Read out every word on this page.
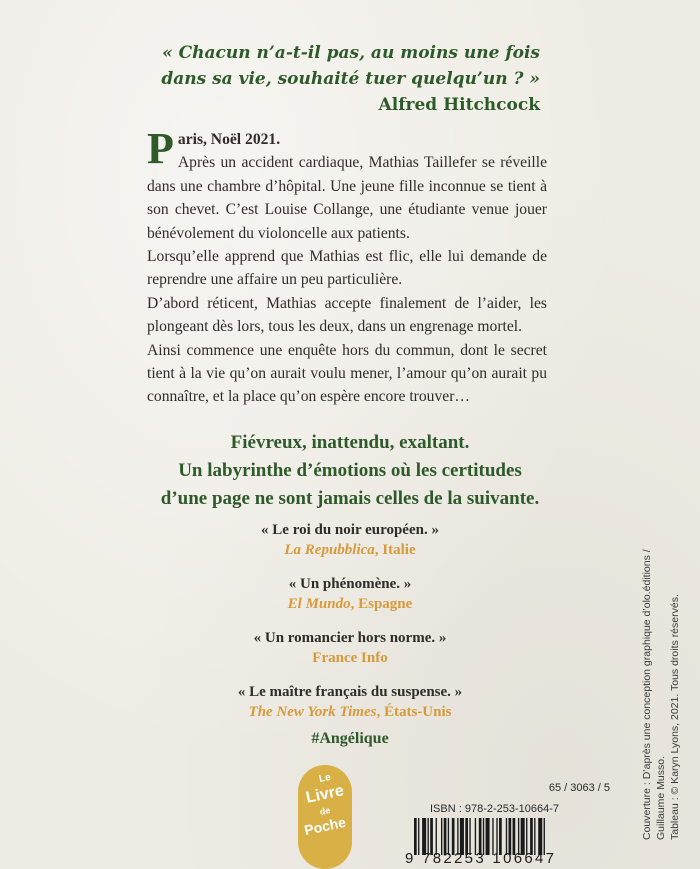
« Chacun n’a-t-il pas, au moins une fois
dans sa vie, souhaité tuer quelqu’un ? »
Alfred Hitchcock

P aris, Noël 2021.
Après un accident cardiaque, Mathias Taillefer se réveille dans une chambre d’hôpital. Une jeune fille inconnue se tient à son chevet. C’est Louise Collange, une étudiante venue jouer bénévolement du violoncelle aux patients.

Lorsqu’elle apprend que Mathias est flic, elle lui demande de reprendre une affaire un peu particulière.

D’abord réticent, Mathias accepte finalement de l’aider, les plongeant dès lors, tous les deux, dans un engrenage mortel.

Ainsi commence une enquête hors du commun, dont le secret tient à la vie qu’on aurait voulu mener, l’amour qu’on aurait pu connaître, et la place qu’on espère encore trouver…

Fiévreux, inattendu, exaltant.
Un labyrinthe d’émotions où les certitudes
d’une page ne sont jamais celles de la suivante.
« Le roi du noir européen. »
La Repubblica, Italie
« Un phénomène. »
El Mundo, Espagne
« Un romancier hors norme. »
France Info
« Le maître français du suspense. »
The New York Times, États-Unis
#Angélique
Le
Livre
de
Poche
65 / 3063 / 5
ISBN : 978-2-253-10664-7
9 782253 106647
Couverture : D’après une conception graphique d’olo.éditions / Guillaume Musso. Tableau : © Karyn Lyons, 2021. Tous droits réservés.
